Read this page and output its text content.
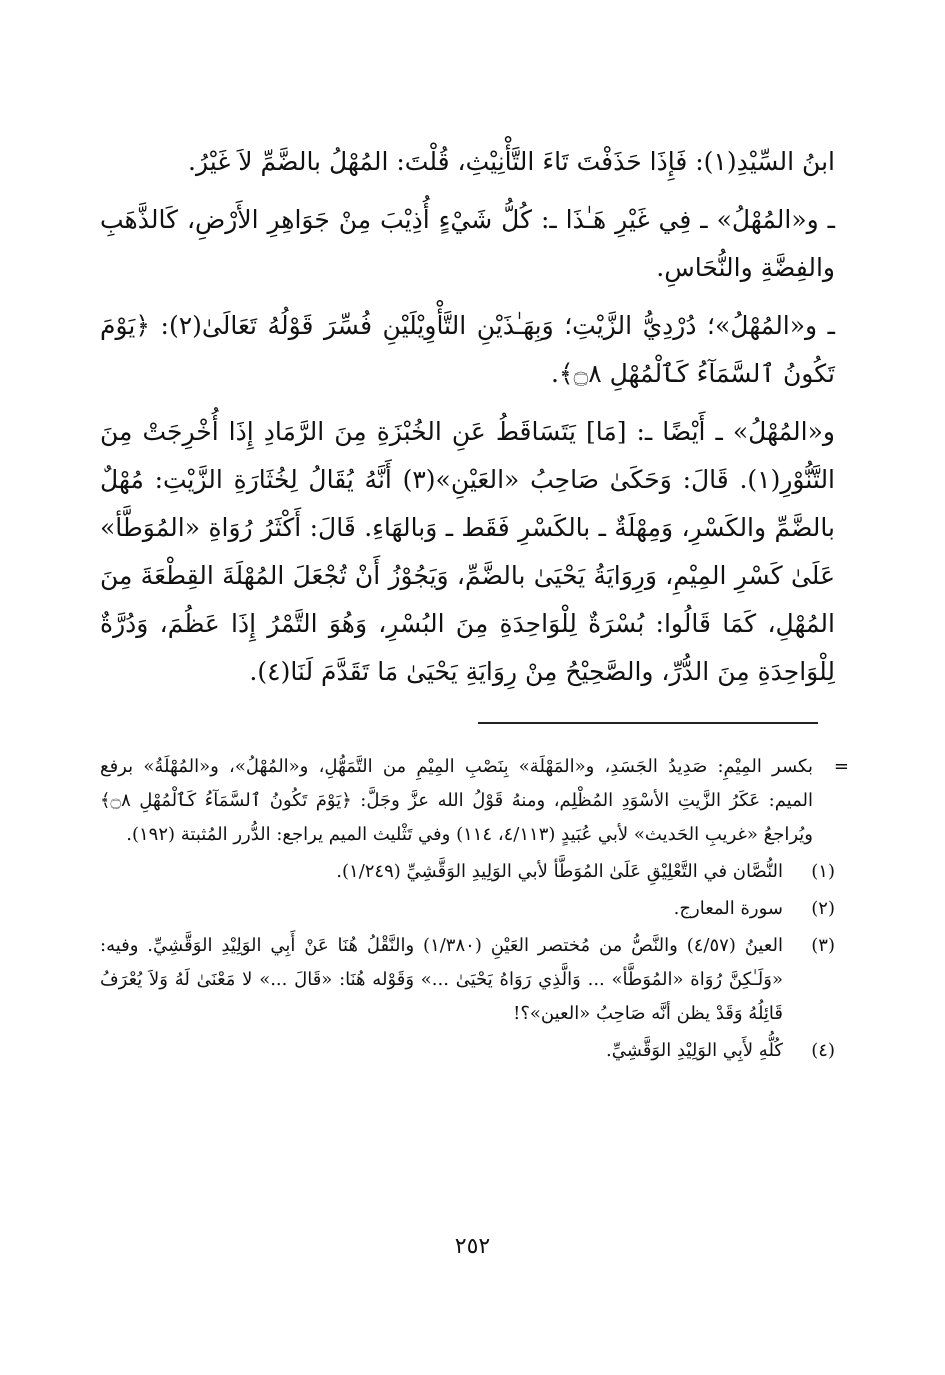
ابنُ السِّيْدِ(١): فَإِذَا حَذَفْتَ تَاءَ التَّأْنِيْثِ، قُلْتَ: المُهْلُ بالضَّمِّ لاَ غَيْرُ.

ـ و«المُهْلُ» ـ فِي غَيْرِ هَـٰذَا ـ: كُلُّ شَيْءٍ أُذِيْبَ مِنْ جَوَاهِرِ الأَرْضِ، كَالذَّهَبِ والفِضَّةِ والنُّحَاسِ.

ـ و«المُهْلُ»؛ دُرْدِيُّ الزَّيْتِ؛ وَبِهَـٰذَيْنِ التَّأْوِيْلَيْنِ فُسِّرَ قَوْلُهُ تَعَالَىٰ(٢): ﴿يَوْمَ تَكُونُ ٱلسَّمَآءُ كَٱلْمُهْلِ ۝٨﴾.

و«المُهْلُ» ـ أَيْضًا ـ: [مَا] يَتَسَاقَطُ عَنِ الخُبْزَةِ مِنَ الرَّمَادِ إِذَا أُخْرِجَتْ مِنَ التَّنُّوْرِ(١). قَالَ: وَحَكَىٰ صَاحِبُ «العَيْنِ»(٣) أَنَّهُ يُقَالُ لِخُثَارَةِ الزَّيْتِ: مُهْلٌ بالضَّمِّ والكَسْرِ، وَمِهْلَةٌ ـ بالكَسْرِ فَقَط ـ وَبالهَاءِ. قَالَ: أَكْثَرُ رُوَاةِ «المُوَطَّأ» عَلَىٰ كَسْرِ المِيْمِ، وَرِوَايَةُ يَحْيَىٰ بالضَّمِّ، وَيَجُوْزُ أَنْ تُجْعَلَ المُهْلَةَ القِطْعَةَ مِنَ المُهْلِ، كَمَا قَالُوا: بُسْرَةٌ لِلْوَاحِدَةِ مِنَ البُسْرِ، وَهُوَ التَّمْرُ إِذَا عَظُمَ، وَدُرَّةٌ لِلْوَاحِدَةِ مِنَ الدُّرِّ، والصَّحِيْحُ مِنْ رِوَايَةِ يَحْيَىٰ مَا تَقَدَّمَ لَنَا(٤).

=
بكسر المِيْمِ: صَدِيدُ الجَسَدِ، و«المَهْلَة» بِنَصْبِ المِيْمِ من التَّمَهُّلِ، و«المُهْلُ»، و«المُهْلَةُ» برفع الميم: عَكَرُ الزَّيتِ الأسْوَدِ المُظْلِم، ومنهُ قَوْلُ الله عزَّ وجَلَّ: ﴿يَوْمَ تَكُونُ ٱلسَّمَآءُ كَٱلْمُهْلِ ۝٨﴾ ويُراجعُ «غريبِ الحَديث» لأبي عُبَيدٍ (٤/١١٣، ١١٤) وفي تَثْليث الميم يراجع: الدُّرر المُثبتة (١٩٢).
(١)
النُّصَّان في التَّعْلِيْقِ عَلَىٰ المُوَطَّأ لأبي الوَلِيدِ الوَقَّشِيِّ (١/٢٤٩).
(٢)
سورة المعارج.
(٣)
العينُ (٤/٥٧) والنَّصُّ من مُختصر العَيْنِ (١/٣٨٠) والنَّقْلُ هُنَا عَنْ أَبِي الوَلِيْدِ الوَقَّشِيِّ. وفيه: «وَلَـٰكِنَّ رُوَاة «المُوَطَّأ» ... وَالَّذِي رَوَاهُ يَحْيَىٰ ...» وَقَوْله هُنَا: «قَالَ ...» لا مَعْنَىٰ لَهُ وَلاَ يُعْرَفُ قَائِلُهُ وَقَدْ يظن أنَّه صَاحِبُ «العين»؟!
(٤)
كُلُّهِ لأَبِي الوَلِيْدِ الوَقَّشِيِّ.
٢٥٢
